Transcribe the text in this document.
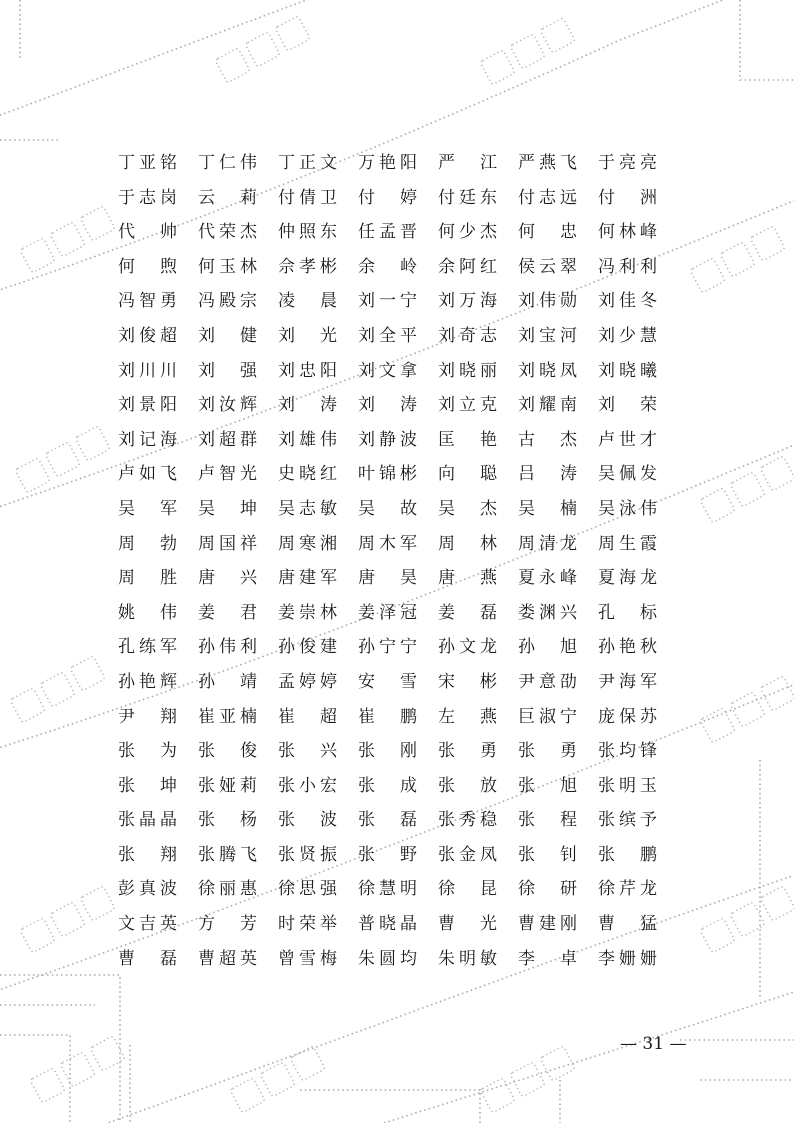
丁 亚 铭 丁 仁 伟 丁 正 文 万 艳 阳 严 江 严 燕 飞 于 亮 亮
于 志 岗 云 莉 付 倩 卫 付 婷 付 廷 东 付 志 远 付 洲
代 帅 代 荣 杰 仲 照 东 任 孟 晋 何 少 杰 何 忠 何 林 峰
何 煦 何 玉 林 佘 孝 彬 余 岭 余 阿 红 侯 云 翠 冯 利 利
冯 智 勇 冯 殿 宗 凌 晨 刘 一 宁 刘 万 海 刘 伟 勋 刘 佳 冬
刘 俊 超 刘 健 刘 光 刘 全 平 刘 奇 志 刘 宝 河 刘 少 慧
刘 川 川 刘 强 刘 忠 阳 刘 文 拿 刘 晓 丽 刘 晓 凤 刘 晓 曦
刘 景 阳 刘 汝 辉 刘 涛 刘 涛 刘 立 克 刘 耀 南 刘 荣
刘 记 海 刘 超 群 刘 雄 伟 刘 静 波 匡 艳 古 杰 卢 世 才
卢 如 飞 卢 智 光 史 晓 红 叶 锦 彬 向 聪 吕 涛 吴 佩 发
吴 军 吴 坤 吴 志 敏 吴 故 吴 杰 吴 楠 吴 泳 伟
周 勃 周 国 祥 周 寒 湘 周 木 军 周 林 周 清 龙 周 生 霞
周 胜 唐 兴 唐 建 军 唐 昊 唐 燕 夏 永 峰 夏 海 龙
姚 伟 姜 君 姜 崇 林 姜 泽 冠 姜 磊 娄 渊 兴 孔 标
孔 练 军 孙 伟 利 孙 俊 建 孙 宁 宁 孙 文 龙 孙 旭 孙 艳 秋
孙 艳 辉 孙 靖 孟 婷 婷 安 雪 宋 彬 尹 意 劭 尹 海 军
尹 翔 崔 亚 楠 崔 超 崔 鹏 左 燕 巨 淑 宁 庞 保 苏
张 为 张 俊 张 兴 张 刚 张 勇 张 勇 张 均 锋
张 坤 张 娅 莉 张 小 宏 张 成 张 放 张 旭 张 明 玉
张 晶 晶 张 杨 张 波 张 磊 张 秀 稳 张 程 张 缤 予
张 翔 张 腾 飞 张 贤 振 张 野 张 金 凤 张 钊 张 鹏
彭 真 波 徐 丽 惠 徐 思 强 徐 慧 明 徐 昆 徐 研 徐 芹 龙
文 吉 英 方 芳 时 荣 举 普 晓 晶 曹 光 曹 建 刚 曹 猛
曹 磊 曹 超 英 曾 雪 梅 朱 圆 均 朱 明 敏 李 卓 李 姗 姗
— 31 —
